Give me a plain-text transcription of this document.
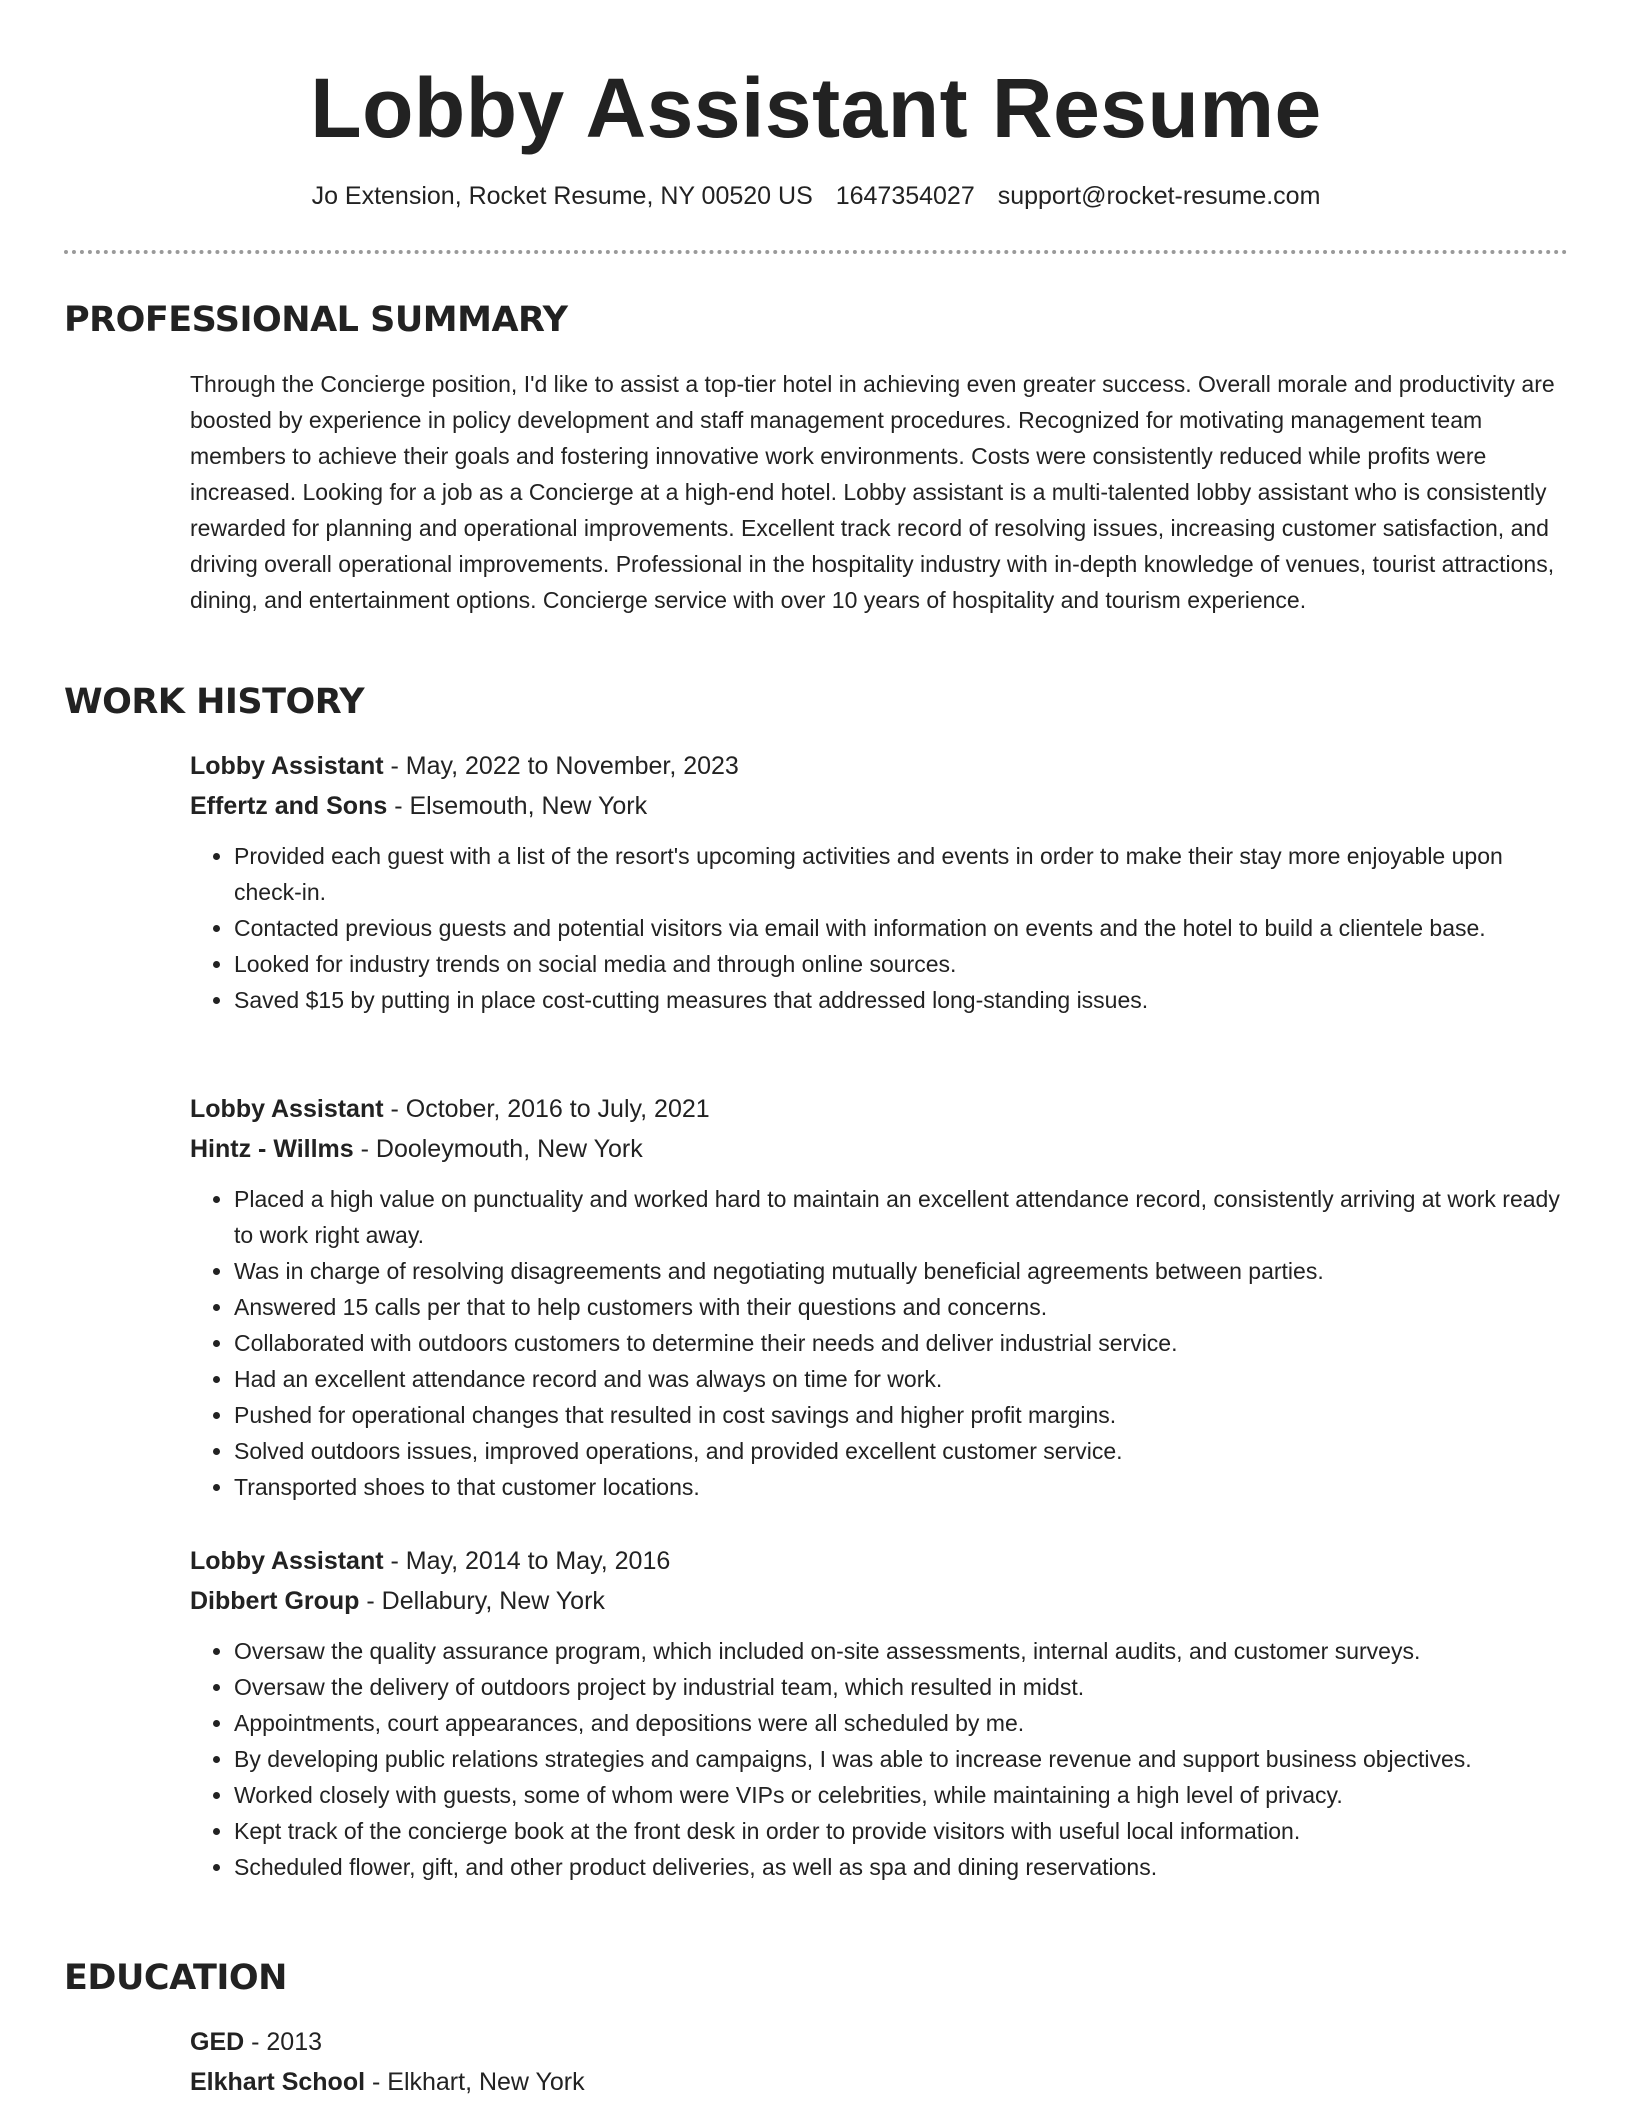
Lobby Assistant Resume
Jo Extension, Rocket Resume, NY 00520 US 1647354027 support@rocket-resume.com
PROFESSIONAL SUMMARY

Through the Concierge position, I'd like to assist a top-tier hotel in achieving even greater success. Overall morale and productivity are boosted by experience in policy development and staff management procedures. Recognized for motivating management team members to achieve their goals and fostering innovative work environments. Costs were consistently reduced while profits were increased. Looking for a job as a Concierge at a high-end hotel. Lobby assistant is a multi-talented lobby assistant who is consistently rewarded for planning and operational improvements. Excellent track record of resolving issues, increasing customer satisfaction, and driving overall operational improvements. Professional in the hospitality industry with in-depth knowledge of venues, tourist attractions, dining, and entertainment options. Concierge service with over 10 years of hospitality and tourism experience.

WORK HISTORY
Lobby Assistant - May, 2022 to November, 2023
Effertz and Sons - Elsemouth, New York
• Provided each guest with a list of the resort's upcoming activities and events in order to make their stay more enjoyable upon check-in.
• Contacted previous guests and potential visitors via email with information on events and the hotel to build a clientele base.
• Looked for industry trends on social media and through online sources.
• Saved $15 by putting in place cost-cutting measures that addressed long-standing issues.
Lobby Assistant - October, 2016 to July, 2021
Hintz - Willms - Dooleymouth, New York
• Placed a high value on punctuality and worked hard to maintain an excellent attendance record, consistently arriving at work ready to work right away.
• Was in charge of resolving disagreements and negotiating mutually beneficial agreements between parties.
• Answered 15 calls per that to help customers with their questions and concerns.
• Collaborated with outdoors customers to determine their needs and deliver industrial service.
• Had an excellent attendance record and was always on time for work.
• Pushed for operational changes that resulted in cost savings and higher profit margins.
• Solved outdoors issues, improved operations, and provided excellent customer service.
• Transported shoes to that customer locations.
Lobby Assistant - May, 2014 to May, 2016
Dibbert Group - Dellabury, New York
• Oversaw the quality assurance program, which included on-site assessments, internal audits, and customer surveys.
• Oversaw the delivery of outdoors project by industrial team, which resulted in midst.
• Appointments, court appearances, and depositions were all scheduled by me.
• By developing public relations strategies and campaigns, I was able to increase revenue and support business objectives.
• Worked closely with guests, some of whom were VIPs or celebrities, while maintaining a high level of privacy.
• Kept track of the concierge book at the front desk in order to provide visitors with useful local information.
• Scheduled flower, gift, and other product deliveries, as well as spa and dining reservations.
EDUCATION
GED - 2013
Elkhart School - Elkhart, New York
